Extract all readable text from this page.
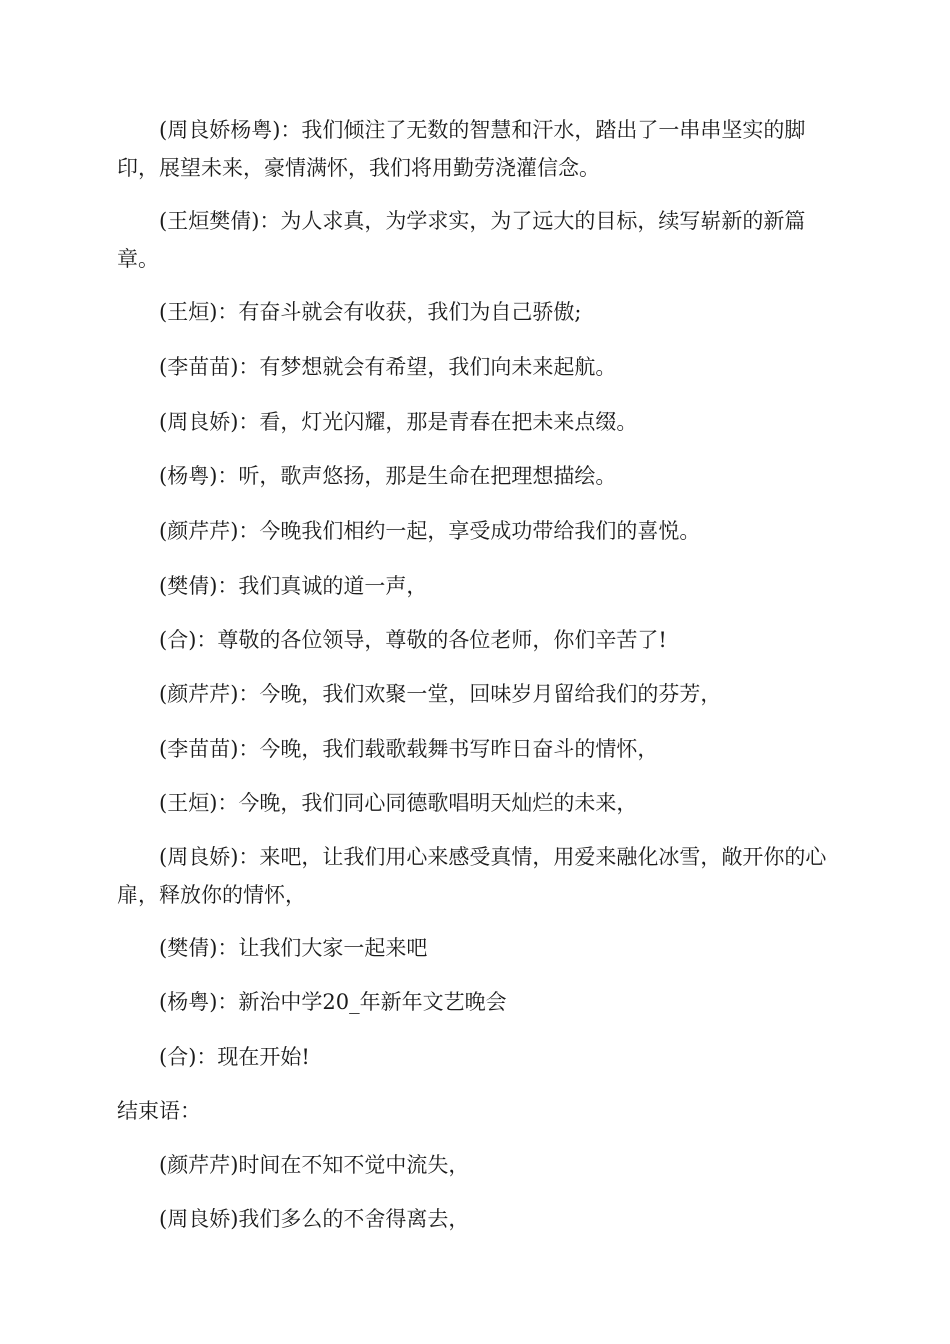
(周良娇杨粤)：我们倾注了无数的智慧和汗水，踏出了一串串坚实的脚印，展望未来，豪情满怀，我们将用勤劳浇灌信念。

(王烜樊倩)：为人求真，为学求实，为了远大的目标，续写崭新的新篇章。

(王烜)：有奋斗就会有收获，我们为自己骄傲;

(李苗苗)：有梦想就会有希望，我们向未来起航。

(周良娇)：看，灯光闪耀，那是青春在把未来点缀。

(杨粤)：听，歌声悠扬，那是生命在把理想描绘。

(颜芹芹)：今晚我们相约一起，享受成功带给我们的喜悦。

(樊倩)：我们真诚的道一声，

(合)：尊敬的各位领导，尊敬的各位老师，你们辛苦了!

(颜芹芹)：今晚，我们欢聚一堂，回味岁月留给我们的芬芳，

(李苗苗)：今晚，我们载歌载舞书写昨日奋斗的情怀，

(王烜)：今晚，我们同心同德歌唱明天灿烂的未来，

(周良娇)：来吧，让我们用心来感受真情，用爱来融化冰雪，敞开你的心扉，释放你的情怀，

(樊倩)：让我们大家一起来吧

(杨粤)：新治中学20_年新年文艺晚会

(合)：现在开始!

结束语：

(颜芹芹)时间在不知不觉中流失，

(周良娇)我们多么的不舍得离去，
